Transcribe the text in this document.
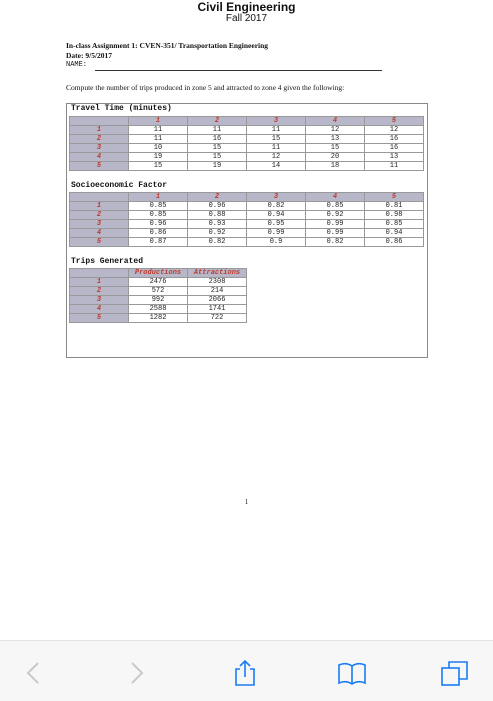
Civil Engineering
Fall 2017
In-class Assignment 1: CVEN-351/ Transportation Engineering
Date: 9/5/2017
NAME:
Compute the number of trips produced in zone 5 and attracted to zone 4 given the following:
Travel Time (minutes)
	1	2	3	4	5
1	11	11	11	12	12
2	11	16	15	13	16
3	10	15	11	15	16
4	19	15	12	20	13
5	15	19	14	18	11
Socioeconomic Factor
	1	2	3	4	5
1	0.85	0.96	0.82	0.85	0.81
2	0.85	0.88	0.94	0.92	0.98
3	0.96	0.93	0.95	0.99	0.85
4	0.86	0.92	0.99	0.99	0.94
5	0.87	0.82	0.9	0.82	0.86
Trips Generated
	Productions	Attractions
1	2476	2308
2	572	214
3	992	2066
4	2588	1741
5	1282	722
1
